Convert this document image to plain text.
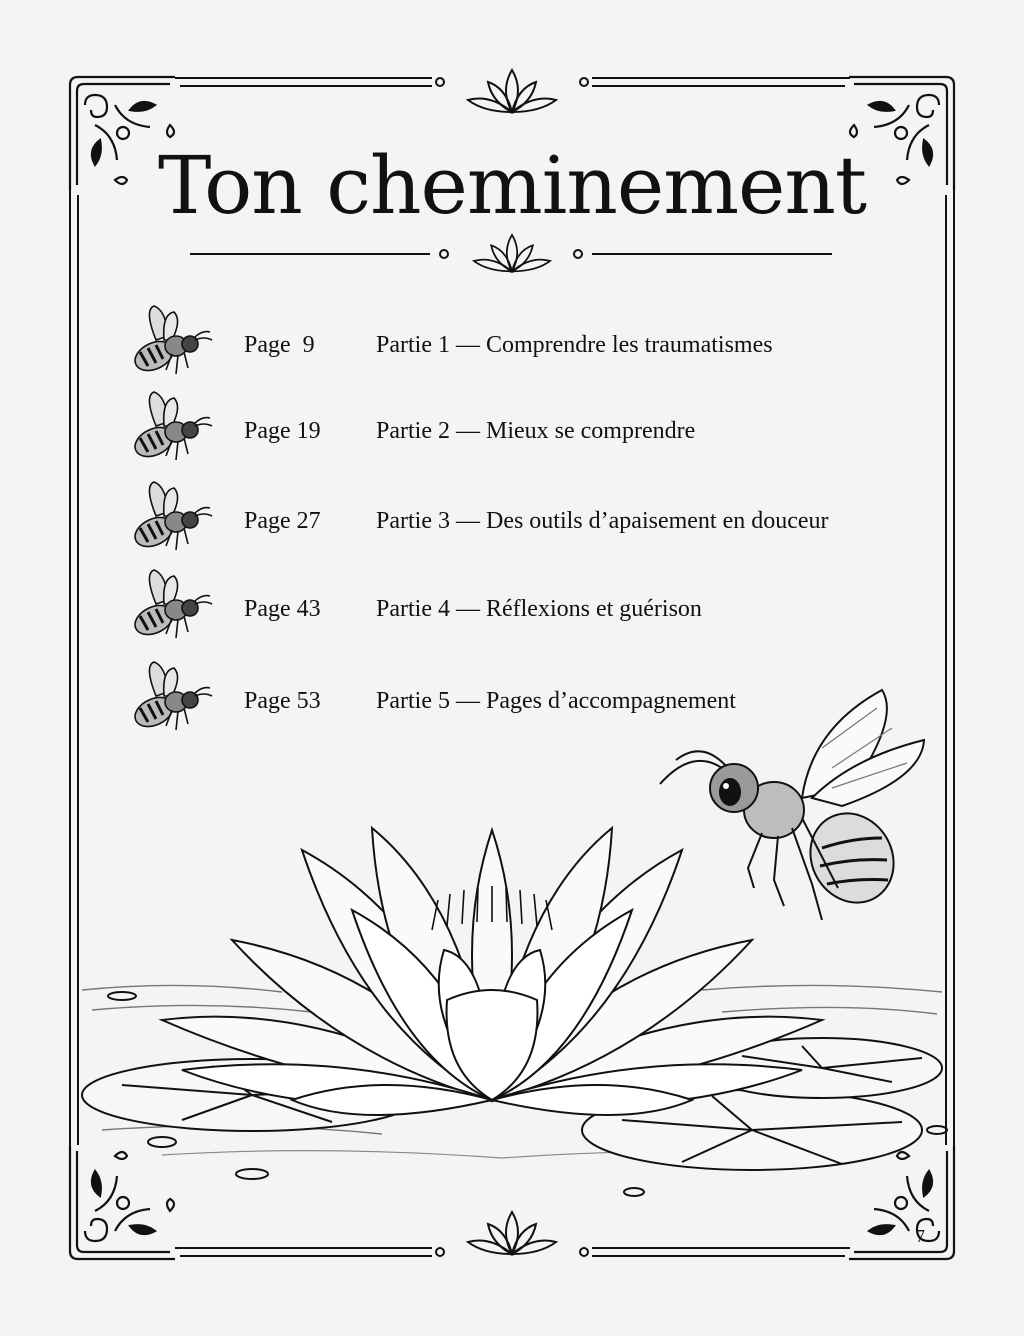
Ton cheminement
Page  9	Partie 1 — Comprendre les traumatismes
Page 19 Partie 2 — Mieux se comprendre
Page 27 Partie 3 — Des outils d’apaisement en douceur
Page 43 Partie 4 — Réflexions et guérison
Page 53 Partie 5 — Pages d’accompagnement
7
